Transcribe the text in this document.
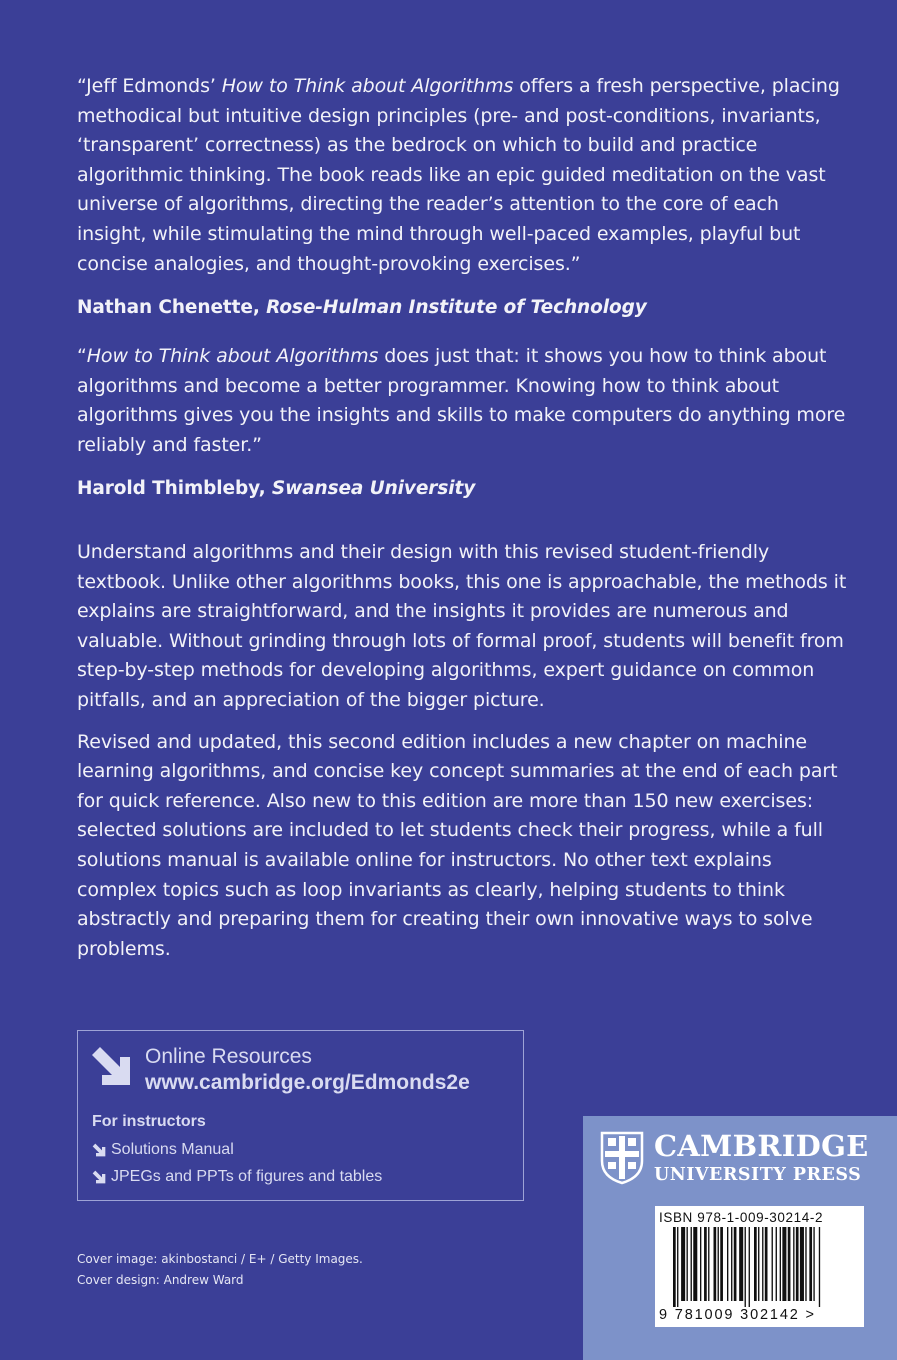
“Jeff Edmonds’ How to Think about Algorithms offers a fresh perspective, placing methodical but intuitive design principles (pre- and post-conditions, invariants, ‘transparent’ correctness) as the bedrock on which to build and practice algorithmic thinking. The book reads like an epic guided meditation on the vast universe of algorithms, directing the reader’s attention to the core of each insight, while stimulating the mind through well-paced examples, playful but concise analogies, and thought-provoking exercises.”

Nathan Chenette, Rose-Hulman Institute of Technology

“How to Think about Algorithms does just that: it shows you how to think about algorithms and become a better programmer. Knowing how to think about algorithms gives you the insights and skills to make computers do anything more reliably and faster.”

Harold Thimbleby, Swansea University

Understand algorithms and their design with this revised student-friendly textbook. Unlike other algorithms books, this one is approachable, the methods it explains are straightforward, and the insights it provides are numerous and valuable. Without grinding through lots of formal proof, students will benefit from step-by-step methods for developing algorithms, expert guidance on common pitfalls, and an appreciation of the bigger picture.

Revised and updated, this second edition includes a new chapter on machine learning algorithms, and concise key concept summaries at the end of each part for quick reference. Also new to this edition are more than 150 new exercises: selected solutions are included to let students check their progress, while a full solutions manual is available online for instructors. No other text explains complex topics such as loop invariants as clearly, helping students to think abstractly and preparing them for creating their own innovative ways to solve problems.

Online Resources
www.cambridge.org/Edmonds2e
For instructors
Solutions Manual
JPEGs and PPTs of figures and tables
Cover image: akinbostanci / E+ / Getty Images.
Cover design: Andrew Ward
CAMBRIDGE
UNIVERSITY PRESS
ISBN 978-1-009-30214-2
9 781009 302142 >
